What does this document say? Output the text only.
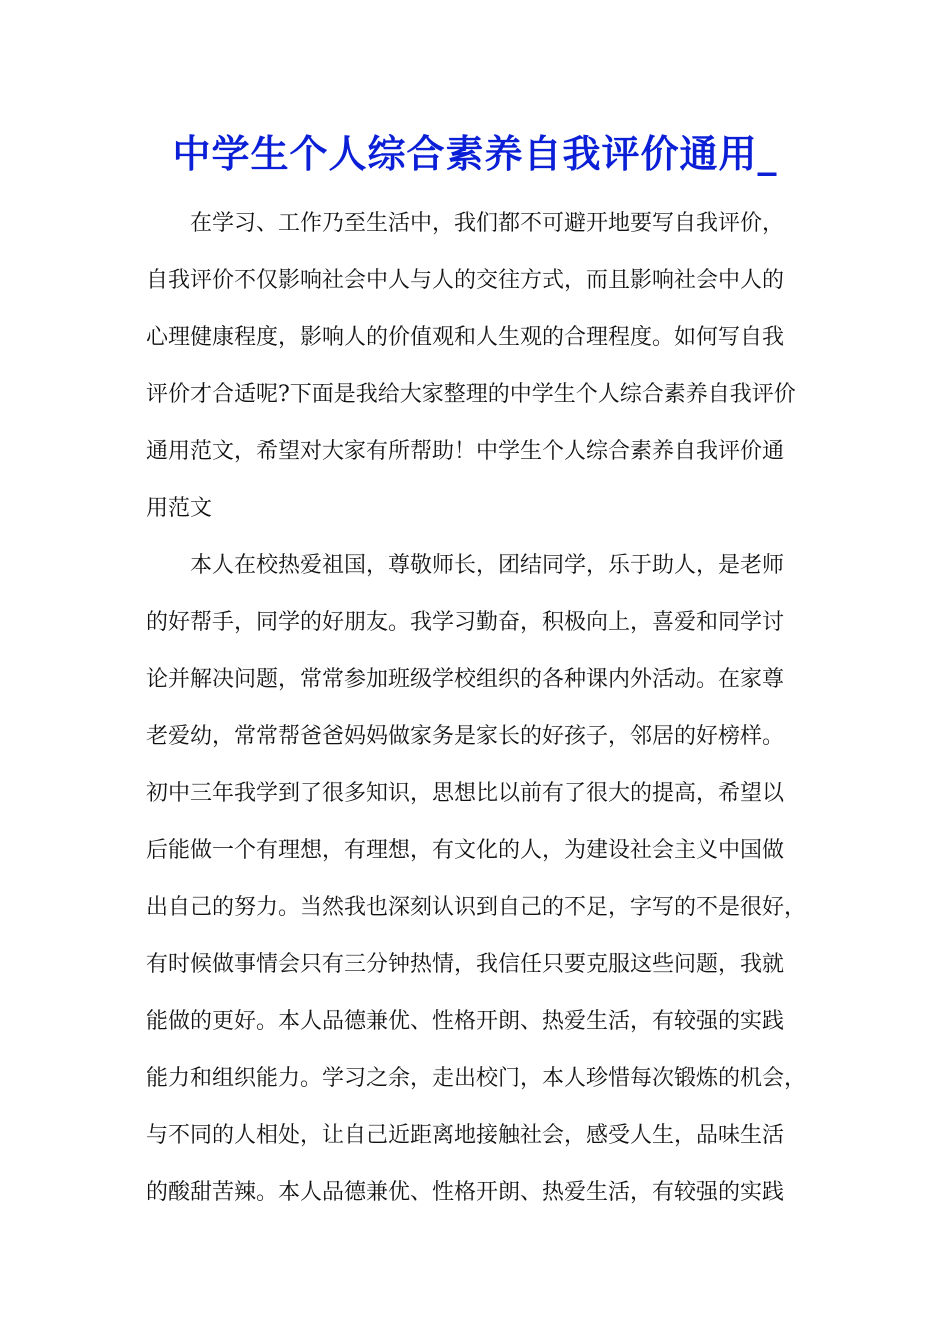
中学生个人综合素养自我评价通用_

在学习、工作乃至生活中，我们都不可避开地要写自我评价，

自我评价不仅影响社会中人与人的交往方式，而且影响社会中人的

心理健康程度，影响人的价值观和人生观的合理程度。如何写自我

评价才合适呢?下面是我给大家整理的中学生个人综合素养自我评价

通用范文，希望对大家有所帮助！中学生个人综合素养自我评价通

用范文

本人在校热爱祖国，尊敬师长，团结同学，乐于助人，是老师

的好帮手，同学的好朋友。我学习勤奋，积极向上，喜爱和同学讨

论并解决问题，常常参加班级学校组织的各种课内外活动。在家尊

老爱幼，常常帮爸爸妈妈做家务是家长的好孩子，邻居的好榜样。

初中三年我学到了很多知识，思想比以前有了很大的提高，希望以

后能做一个有理想，有理想，有文化的人，为建设社会主义中国做

出自己的努力。当然我也深刻认识到自己的不足，字写的不是很好，

有时候做事情会只有三分钟热情，我信任只要克服这些问题，我就

能做的更好。本人品德兼优、性格开朗、热爱生活，有较强的实践

能力和组织能力。学习之余，走出校门，本人珍惜每次锻炼的机会，

与不同的人相处，让自己近距离地接触社会，感受人生，品味生活

的酸甜苦辣。本人品德兼优、性格开朗、热爱生活，有较强的实践
